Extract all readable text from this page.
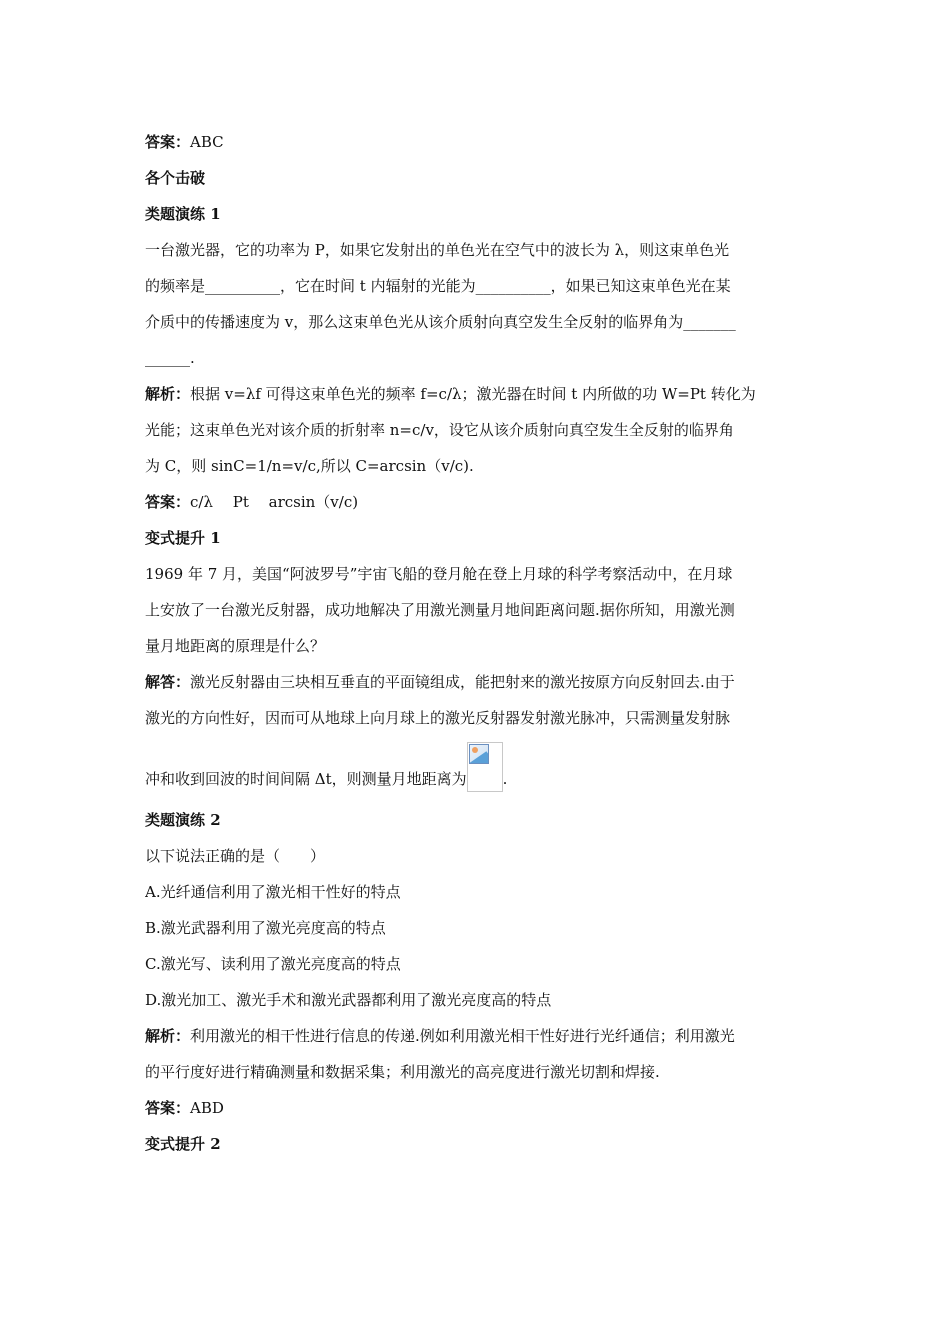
答案：ABC
各个击破
类题演练 1
一台激光器，它的功率为 P，如果它发射出的单色光在空气中的波长为 λ，则这束单色光
的频率是__________，它在时间 t 内辐射的光能为__________，如果已知这束单色光在某
介质中的传播速度为 v，那么这束单色光从该介质射向真空发生全反射的临界角为_______
______.
解析：根据 v=λf 可得这束单色光的频率 f=c/λ；激光器在时间 t 内所做的功 W=Pt 转化为
光能；这束单色光对该介质的折射率 n=c/v，设它从该介质射向真空发生全反射的临界角
为 C，则 sinC=1/n=v/c,所以 C=arcsin（v/c).
答案：c/λ　 Pt　 arcsin（v/c)
变式提升 1
1969 年 7 月，美国“阿波罗号”宇宙飞船的登月舱在登上月球的科学考察活动中，在月球
上安放了一台激光反射器，成功地解决了用激光测量月地间距离问题.据你所知，用激光测
量月地距离的原理是什么？
解答：激光反射器由三块相互垂直的平面镜组成，能把射来的激光按原方向反射回去.由于
激光的方向性好，因而可从地球上向月球上的激光反射器发射激光脉冲，只需测量发射脉
冲和收到回波的时间间隔 Δt，则测量月地距离为 .
类题演练 2
以下说法正确的是（　　）
A.光纤通信利用了激光相干性好的特点
B.激光武器利用了激光亮度高的特点
C.激光写、读利用了激光亮度高的特点
D.激光加工、激光手术和激光武器都利用了激光亮度高的特点
解析：利用激光的相干性进行信息的传递.例如利用激光相干性好进行光纤通信；利用激光
的平行度好进行精确测量和数据采集；利用激光的高亮度进行激光切割和焊接.
答案：ABD
变式提升 2
